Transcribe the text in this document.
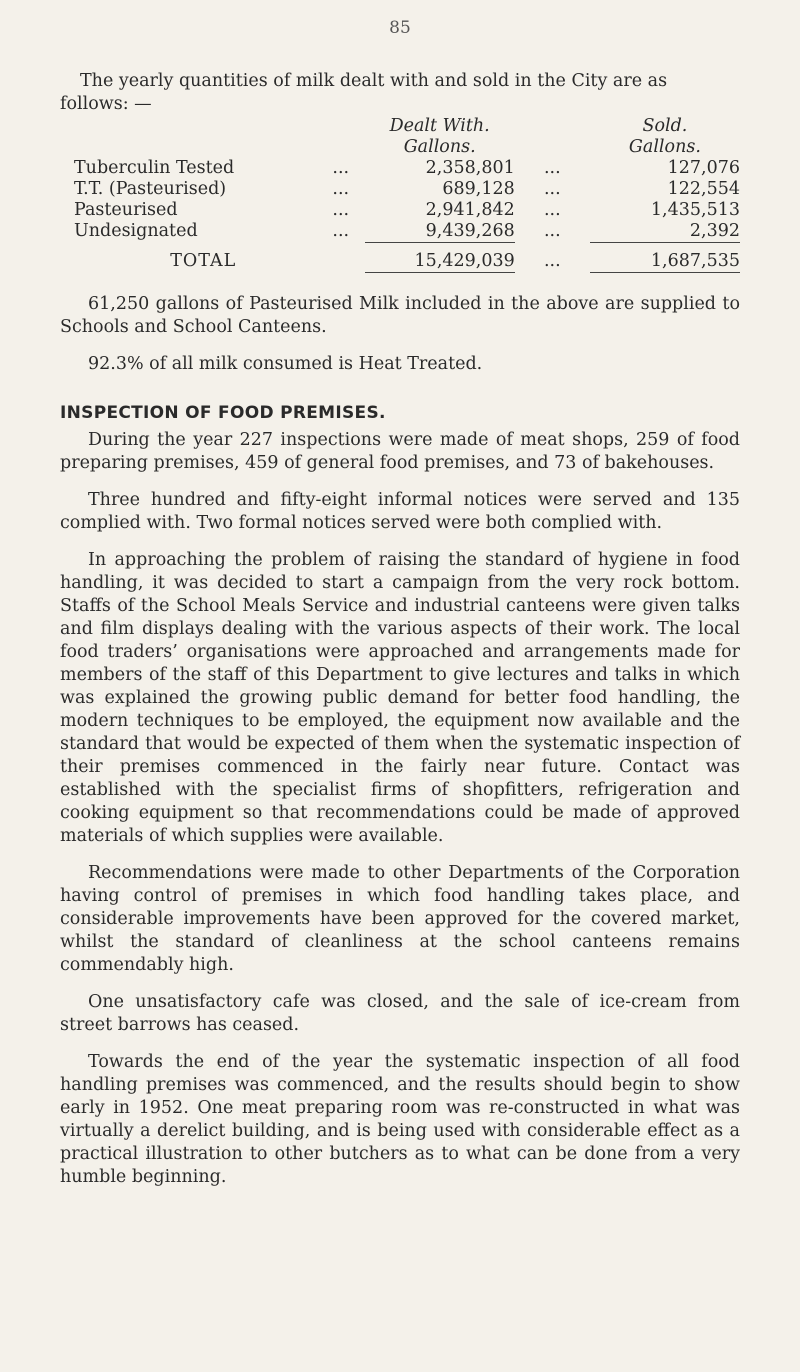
85

The yearly quantities of milk dealt with and sold in the City are as follows: —

		Dealt With.		Sold.
		Gallons.		Gallons.
Tuberculin Tested	...	2,358,801	...	127,076
T.T. (Pasteurised)	...	689,128	...	122,554
Pasteurised	...	2,941,842	...	1,435,513
Undesignated	...	9,439,268	...	2,392
TOTAL		15,429,039	...	1,687,535

61,250 gallons of Pasteurised Milk included in the above are supplied to Schools and School Canteens.

92.3% of all milk consumed is Heat Treated.

INSPECTION OF FOOD PREMISES.

During the year 227 inspections were made of meat shops, 259 of food preparing premises, 459 of general food premises, and 73 of bakehouses.

Three hundred and fifty-eight informal notices were served and 135 complied with. Two formal notices served were both complied with.

In approaching the problem of raising the standard of hygiene in food handling, it was decided to start a campaign from the very rock bottom. Staffs of the School Meals Service and industrial canteens were given talks and film displays dealing with the various aspects of their work. The local food traders’ organisations were approached and arrangements made for members of the staff of this Department to give lectures and talks in which was explained the growing public demand for better food handling, the modern techniques to be employed, the equipment now available and the standard that would be expected of them when the systematic inspection of their premises commenced in the fairly near future. Contact was established with the specialist firms of shopfitters, refrigeration and cooking equipment so that recommendations could be made of approved materials of which supplies were available.

Recommendations were made to other Departments of the Corporation having control of premises in which food handling takes place, and considerable improvements have been approved for the covered market, whilst the standard of cleanliness at the school canteens remains commendably high.

One unsatisfactory cafe was closed, and the sale of ice-cream from street barrows has ceased.

Towards the end of the year the systematic inspection of all food handling premises was commenced, and the results should begin to show early in 1952. One meat preparing room was re-constructed in what was virtually a derelict building, and is being used with considerable effect as a practical illustration to other butchers as to what can be done from a very humble beginning.
